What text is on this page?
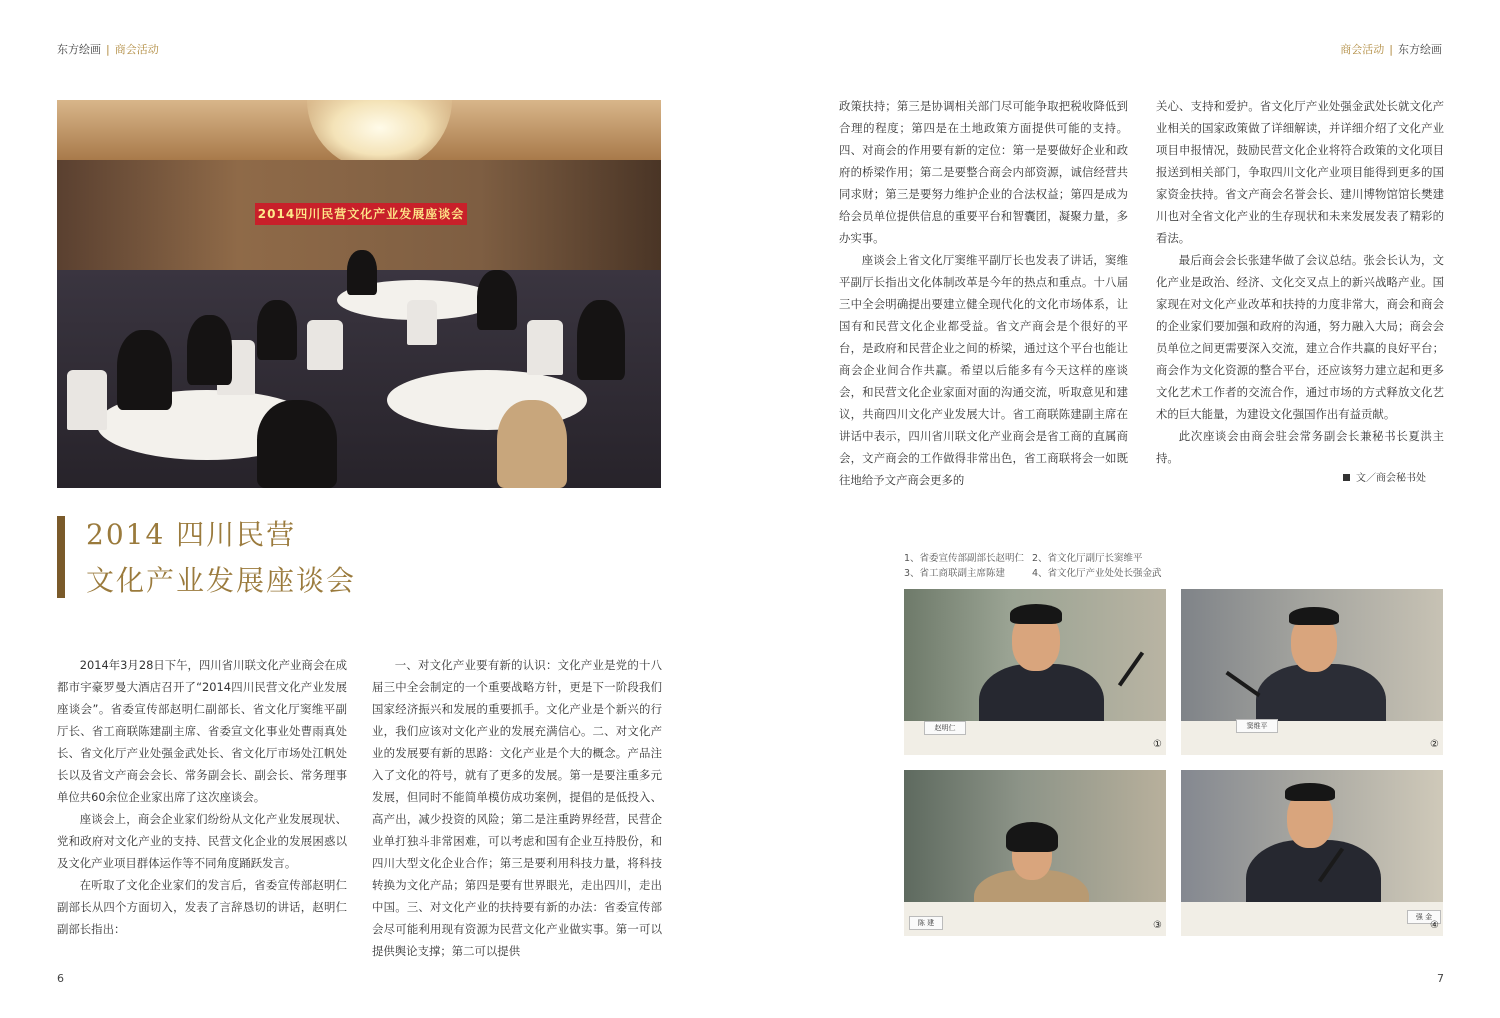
东方绘画 | 商会活动	商会活动 | 东方绘画
2014四川民营文化产业发展座谈会
2014 四川民营
文化产业发展座谈会

2014年3月28日下午，四川省川联文化产业商会在成都市宇豪罗曼大酒店召开了“2014四川民营文化产业发展座谈会”。省委宣传部赵明仁副部长、省文化厅窦维平副厅长、省工商联陈建副主席、省委宣文化事业处曹雨真处长、省文化厅产业处强金武处长、省文化厅市场处江帆处长以及省文产商会会长、常务副会长、副会长、常务理事单位共60余位企业家出席了这次座谈会。

座谈会上，商会企业家们纷纷从文化产业发展现状、党和政府对文化产业的支持、民营文化企业的发展困惑以及文化产业项目群体运作等不同角度踊跃发言。

在听取了文化企业家们的发言后，省委宣传部赵明仁副部长从四个方面切入，发表了言辞恳切的讲话，赵明仁副部长指出：

一、对文化产业要有新的认识：文化产业是党的十八届三中全会制定的一个重要战略方针，更是下一阶段我们国家经济振兴和发展的重要抓手。文化产业是个新兴的行业，我们应该对文化产业的发展充满信心。二、对文化产业的发展要有新的思路：文化产业是个大的概念。产品注入了文化的符号，就有了更多的发展。第一是要注重多元发展，但同时不能简单模仿成功案例，提倡的是低投入、高产出，减少投资的风险；第二是注重跨界经营，民营企业单打独斗非常困难，可以考虑和国有企业互持股份，和四川大型文化企业合作；第三是要利用科技力量，将科技转换为文化产品；第四是要有世界眼光，走出四川，走出中国。三、对文化产业的扶持要有新的办法：省委宣传部会尽可能利用现有资源为民营文化产业做实事。第一可以提供舆论支撑；第二可以提供

政策扶持；第三是协调相关部门尽可能争取把税收降低到合理的程度；第四是在土地政策方面提供可能的支持。四、对商会的作用要有新的定位：第一是要做好企业和政府的桥梁作用；第二是要整合商会内部资源，诚信经营共同求财；第三是要努力维护企业的合法权益；第四是成为给会员单位提供信息的重要平台和智囊团，凝聚力量，多办实事。

座谈会上省文化厅窦维平副厅长也发表了讲话，窦维平副厅长指出文化体制改革是今年的热点和重点。十八届三中全会明确提出要建立健全现代化的文化市场体系，让国有和民营文化企业都受益。省文产商会是个很好的平台，是政府和民营企业之间的桥梁，通过这个平台也能让商会企业间合作共赢。希望以后能多有今天这样的座谈会，和民营文化企业家面对面的沟通交流，听取意见和建议，共商四川文化产业发展大计。省工商联陈建副主席在讲话中表示，四川省川联文化产业商会是省工商的直属商会，文产商会的工作做得非常出色，省工商联将会一如既往地给予文产商会更多的

关心、支持和爱护。省文化厅产业处强金武处长就文化产业相关的国家政策做了详细解读，并详细介绍了文化产业项目申报情况，鼓励民营文化企业将符合政策的文化项目报送到相关部门，争取四川文化产业项目能得到更多的国家资金扶持。省文产商会名誉会长、建川博物馆馆长樊建川也对全省文化产业的生存现状和未来发展发表了精彩的看法。

最后商会会长张建华做了会议总结。张会长认为，文化产业是政治、经济、文化交叉点上的新兴战略产业。国家现在对文化产业改革和扶持的力度非常大，商会和商会的企业家们要加强和政府的沟通，努力融入大局；商会会员单位之间更需要深入交流，建立合作共赢的良好平台；商会作为文化资源的整合平台，还应该努力建立起和更多文化艺术工作者的交流合作，通过市场的方式释放文化艺术的巨大能量，为建设文化强国作出有益贡献。

此次座谈会由商会驻会常务副会长兼秘书长夏洪主持。

文／商会秘书处
1、省委宣传部副部长赵明仁 2、省文化厅副厅长窦维平
3、省工商联副主席陈建	4、省文化厅产业处处长强金武
赵明仁
①
窦维平
②
陈 建	③
强 金
④
6	7
